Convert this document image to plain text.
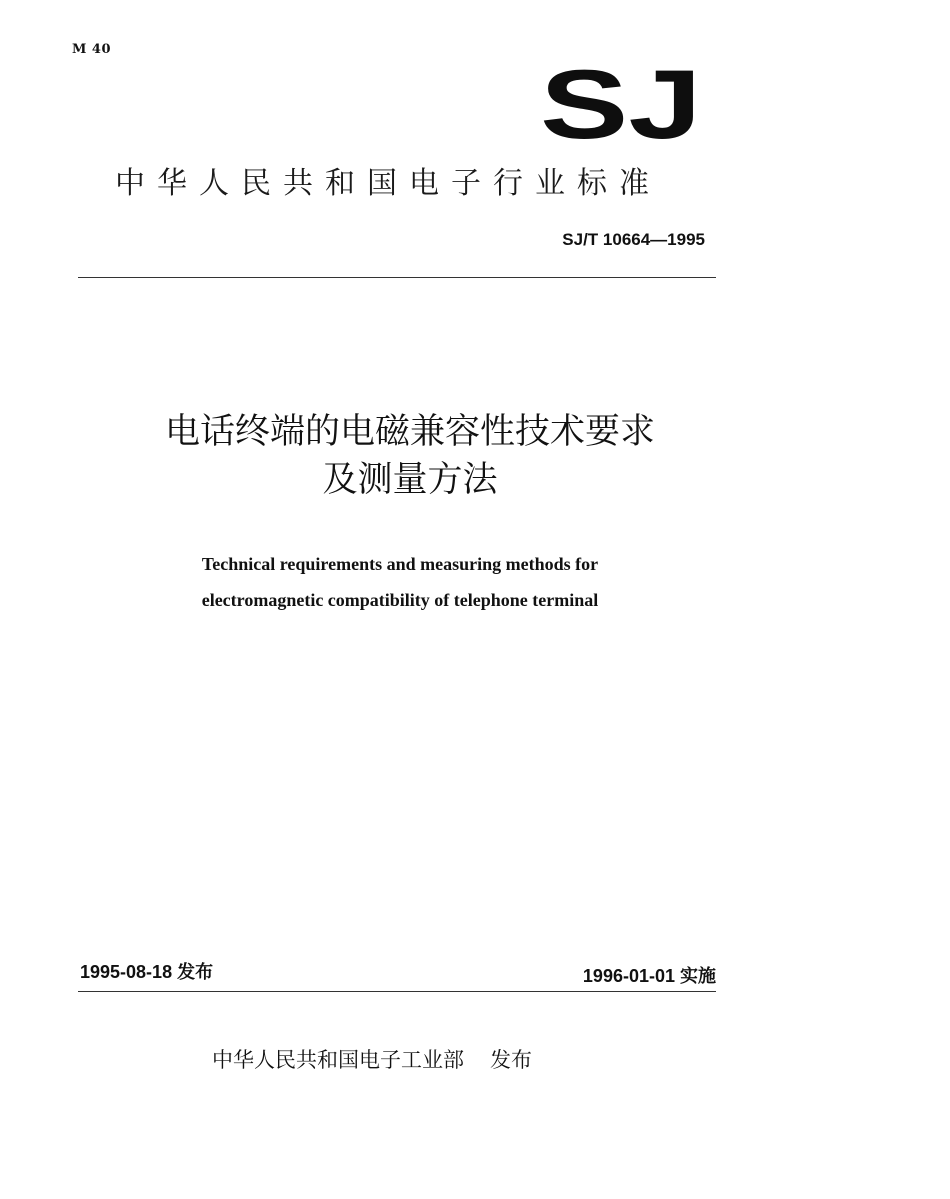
M 40	SJ
中华人民共和国电子行业标准
SJ/T 10664—1995
电话终端的电磁兼容性技术要求
及测量方法
Technical requirements and measuring methods for
electromagnetic compatibility of telephone terminal
1995-08-18 发布	1996-01-01 实施
中华人民共和国电子工业部 发布
